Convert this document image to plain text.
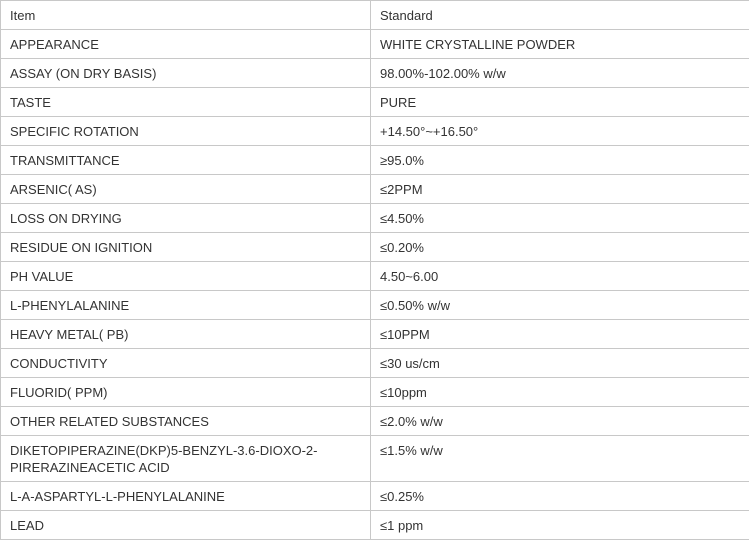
Item	Standard
APPEARANCE	WHITE CRYSTALLINE POWDER
ASSAY (ON DRY BASIS)	98.00%-102.00% w/w
TASTE	PURE
SPECIFIC ROTATION	+14.50°~+16.50°
TRANSMITTANCE	≥95.0%
ARSENIC( AS)	≤2PPM
LOSS ON DRYING	≤4.50%
RESIDUE ON IGNITION	≤0.20%
PH VALUE	4.50~6.00
L-PHENYLALANINE	≤0.50% w/w
HEAVY METAL( PB)	≤10PPM
CONDUCTIVITY	≤30 us/cm
FLUORID( PPM)	≤10ppm
OTHER RELATED SUBSTANCES	≤2.0% w/w
DIKETOPIPERAZINE(DKP)5-BENZYL-3.6-DIOXO-2-PIRERAZINEACETIC ACID	≤1.5% w/w
L-A-ASPARTYL-L-PHENYLALANINE	≤0.25%
LEAD	≤1 ppm
